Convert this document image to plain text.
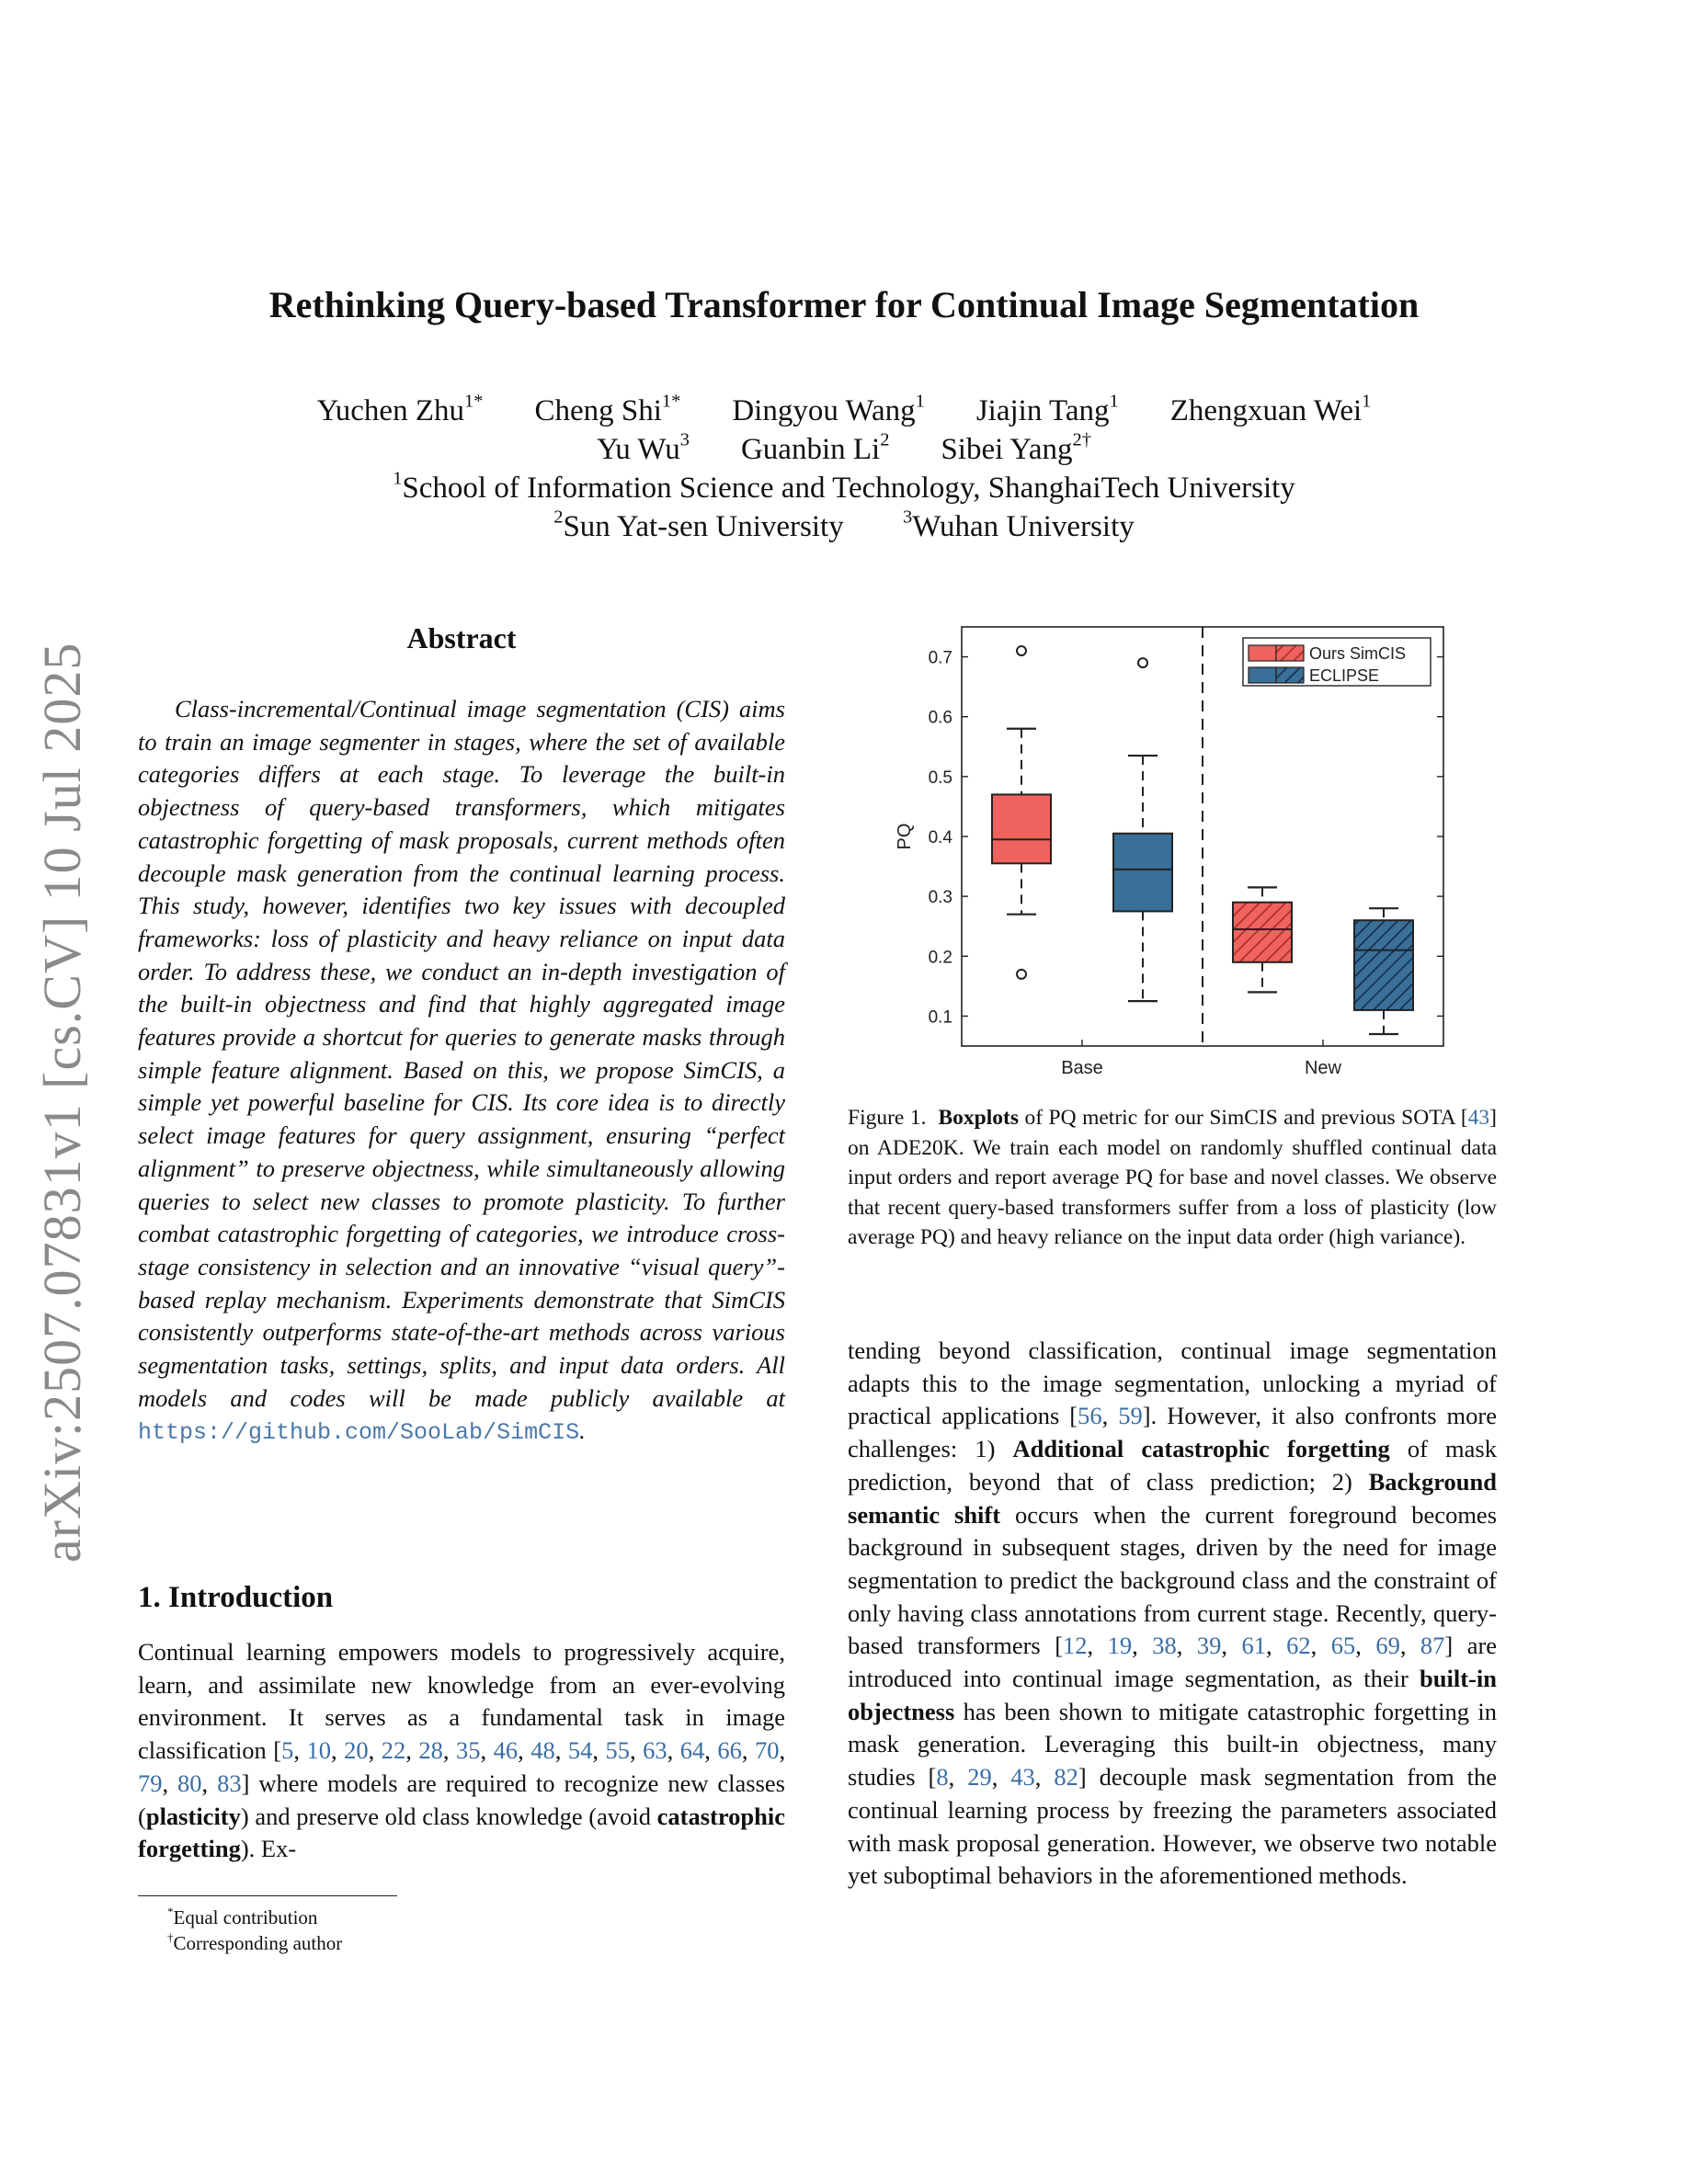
arXiv:2507.07831v1 [cs.CV] 10 Jul 2025
Rethinking Query-based Transformer for Continual Image Segmentation
Yuchen Zhu$^{1*}$ Cheng Shi$^{1*}$ Dingyou Wang$^1$ Jiajin Tang$^1$ Zhengxuan Wei$^1$
Yu Wu$^3$ Guanbin Li$^2$ Sibei Yang$^{2\dagger}$
$^1$School of Information Science and Technology, ShanghaiTech University
$^2$Sun Yat-sen University	$^3$Wuhan University
Abstract

Class-incremental/Continual image segmentation (CIS) aims to train an image segmenter in stages, where the set of available categories differs at each stage. To leverage the built-in objectness of query-based transformers, which mitigates catastrophic forgetting of mask proposals, current methods often decouple mask generation from the continual learning process. This study, however, identifies two key issues with decoupled frameworks: loss of plasticity and heavy reliance on input data order. To address these, we conduct an in-depth investigation of the built-in objectness and find that highly aggregated image features provide a shortcut for queries to generate masks through simple feature alignment. Based on this, we propose SimCIS, a simple yet powerful baseline for CIS. Its core idea is to directly select image features for query assignment, ensuring “perfect alignment” to preserve objectness, while simultaneously allowing queries to select new classes to promote plasticity. To further combat catastrophic forgetting of categories, we introduce cross-stage consistency in selection and an innovative “visual query”-based replay mechanism. Experiments demonstrate that SimCIS consistently outperforms state-of-the-art methods across various segmentation tasks, settings, splits, and input data orders. All models and codes will be made publicly available at https://github.com/SooLab/SimCIS.

1. Introduction

Continual learning empowers models to progressively acquire, learn, and assimilate new knowledge from an ever-evolving environment. It serves as a fundamental task in image classification [5, 10, 20, 22, 28, 35, 46, 48, 54, 55, 63, 64, 66, 70, 79, 80, 83] where models are required to recognize new classes (plasticity) and preserve old class knowledge (avoid catastrophic forgetting). Ex-

*Equal contribution
†Corresponding author
0.1
0.2
0.3
0.4
0.5
0.6
0.7
PQ
Base	New
Ours SimCIS
ECLIPSE
Figure 1. Boxplots of PQ metric for our SimCIS and previous SOTA [43] on ADE20K. We train each model on randomly shuffled continual data input orders and report average PQ for base and novel classes. We observe that recent query-based transformers suffer from a loss of plasticity (low average PQ) and heavy reliance on the input data order (high variance).

tending beyond classification, continual image segmentation adapts this to the image segmentation, unlocking a myriad of practical applications [56, 59]. However, it also confronts more challenges: 1) Additional catastrophic forgetting of mask prediction, beyond that of class prediction; 2) Background semantic shift occurs when the current foreground becomes background in subsequent stages, driven by the need for image segmentation to predict the background class and the constraint of only having class annotations from current stage. Recently, query-based transformers [12, 19, 38, 39, 61, 62, 65, 69, 87] are introduced into continual image segmentation, as their built-in objectness has been shown to mitigate catastrophic forgetting in mask generation. Leveraging this built-in objectness, many studies [8, 29, 43, 82] decouple mask segmentation from the continual learning process by freezing the parameters associated with mask proposal generation. However, we observe two notable yet suboptimal behaviors in the aforementioned methods.
